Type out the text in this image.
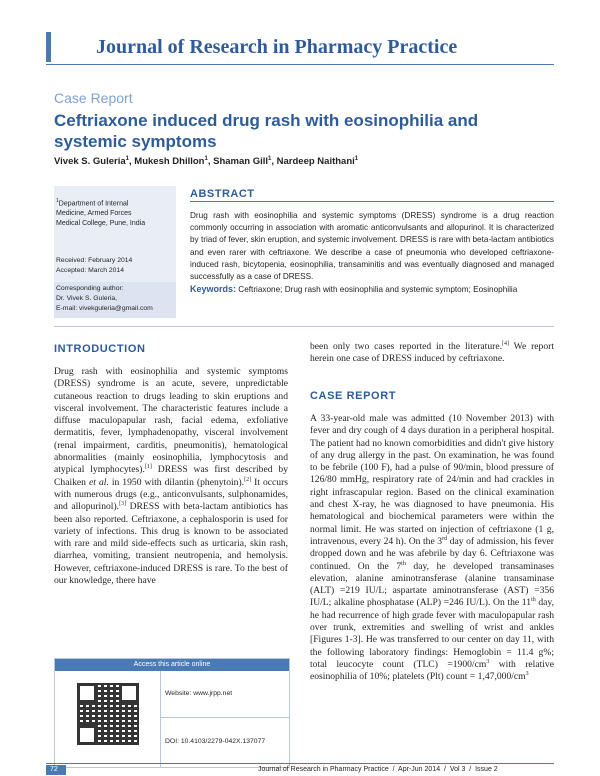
Journal of Research in Pharmacy Practice
Case Report
Ceftriaxone induced drug rash with eosinophilia and systemic symptoms
Vivek S. Guleria$^1$, Mukesh Dhillon$^1$, Shaman Gill$^1$, Nardeep Naithani$^1$
$^1$Department of Internal
Medicine, Armed Forces
Medical College, Pune, India
Received: February 2014
Accepted: March 2014
Corresponding author:
Dr. Vivek S. Guleria,
E-mail: vivekguleria@gmail.com
ABSTRACT
Drug rash with eosinophilia and systemic symptoms (DRESS) syndrome is a drug reaction commonly occurring in association with aromatic anticonvulsants and allopurinol. It is characterized by triad of fever, skin eruption, and systemic involvement. DRESS is rare with beta-lactam antibiotics and even rarer with ceftriaxone. We describe a case of pneumonia who developed ceftriaxone-induced rash, bicytopenia, eosinophilia, transaminitis and was eventually diagnosed and managed successfully as a case of DRESS.
Keywords: Ceftriaxone; Drug rash with eosinophilia and systemic symptom; Eosinophilia
INTRODUCTION
Drug rash with eosinophilia and systemic symptoms (DRESS) syndrome is an acute, severe, unpredictable cutaneous reaction to drugs leading to skin eruptions and visceral involvement. The characteristic features include a diffuse maculopapular rash, facial edema, exfoliative dermatitis, fever, lymphadenopathy, visceral involvement (renal impairment, carditis, pneumonitis), hematological abnormalities (mainly eosinophilia, lymphocytosis and atypical lymphocytes).[1] DRESS was first described by Chaiken et al. in 1950 with dilantin (phenytoin).[2] It occurs with numerous drugs (e.g., anticonvulsants, sulphonamides, and allopurinol).[3] DRESS with beta-lactam antibiotics has been also reported. Ceftriaxone, a cephalosporin is used for variety of infections. This drug is known to be associated with rare and mild side-effects such as urticaria, skin rash, diarrhea, vomiting, transient neutropenia, and hemolysis. However, ceftriaxone-induced DRESS is rare. To the best of our knowledge, there have
Access this article online
Website: www.jrpp.net
DOI: 10.4103/2279-042X.137077
been only two cases reported in the literature.[4] We report herein one case of DRESS induced by ceftriaxone.
CASE REPORT
A 33-year-old male was admitted (10 November 2013) with fever and dry cough of 4 days duration in a peripheral hospital. The patient had no known comorbidities and didn't give history of any drug allergy in the past. On examination, he was found to be febrile (100 F), had a pulse of 90/min, blood pressure of 126/80 mmHg, respiratory rate of 24/min and had crackles in right infrascapular region. Based on the clinical examination and chest X-ray, he was diagnosed to have pneumonia. His hematological and biochemical parameters were within the normal limit. He was started on injection of ceftriaxone (1 g, intravenous, every 24 h). On the 3rd day of admission, his fever dropped down and he was afebrile by day 6. Ceftriaxone was continued. On the 7th day, he developed transaminases elevation, alanine aminotransferase (alanine transaminase (ALT) =219 IU/L; aspartate aminotransferase (AST) =356 IU/L; alkaline phosphatase (ALP) =246 IU/L). On the 11th day, he had recurrence of high grade fever with maculopapular rash over trunk, extremities and swelling of wrist and ankles [Figures 1-3]. He was transferred to our center on day 11, with the following laboratory findings: Hemoglobin = 11.4 g%; total leucocyte count $(TLC) =1900/cm^3$ with relative eosinophilia of 10%; platelets (Plt) count = $1,47,000/cm^3$
72	Journal of Research in Pharmacy Practice  /  Apr-Jun 2014  /  Vol 3  /  Issue 2
